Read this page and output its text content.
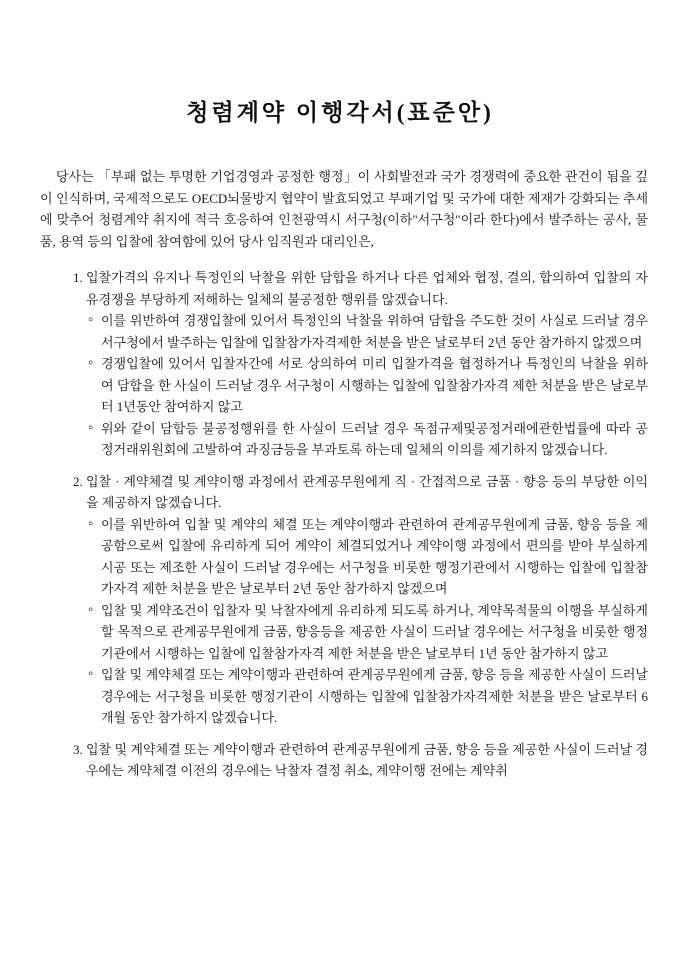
청렴계약 이행각서(표준안)

당사는 「부패 없는 투명한 기업경영과 공정한 행정」이 사회발전과 국가 경쟁력에 중요한 관건이 됨을 깊이 인식하며, 국제적으로도 OECD뇌물방지 협약이 발효되었고 부패기업 및 국가에 대한 제재가 강화되는 추세에 맞추어 청렴계약 취지에 적극 호응하여 인천광역시 서구청(이하"서구청"이라 한다)에서 발주하는 공사, 물품, 용역 등의 입찰에 참여함에 있어 당사 임직원과 대리인은,

1. 입찰가격의 유지나 특정인의 낙찰을 위한 담합을 하거나 다른 업체와 협정, 결의, 합의하여 입찰의 자유경쟁을 부당하게 저해하는 일체의 불공정한 행위를 않겠습니다.
◦ 이를 위반하여 경쟁입찰에 있어서 특정인의 낙찰을 위하여 담합을 주도한 것이 사실로 드러날 경우 서구청에서 발주하는 입찰에 입찰참가자격제한 처분을 받은 날로부터 2년 동안 참가하지 않겠으며
◦ 경쟁입찰에 있어서 입찰자간에 서로 상의하여 미리 입찰가격을 협정하거나 특정인의 낙찰을 위하여 담합을 한 사실이 드러날 경우 서구청이 시행하는 입찰에 입찰참가자격 제한 처분을 받은 날로부터 1년동안 참여하지 않고
◦ 위와 같이 담합등 불공정행위를 한 사실이 드러날 경우 독점규제및공정거래에관한법률에 따라 공정거래위원회에 고발하여 과징금등을 부과토록 하는데 일체의 이의를 제기하지 않겠습니다.
2. 입찰 · 계약체결 및 계약이행 과정에서 관계공무원에게 직 · 간접적으로 금품 · 향응 등의 부당한 이익을 제공하지 않겠습니다.
◦ 이를 위반하여 입찰 및 계약의 체결 또는 계약이행과 관련하여 관계공무원에게 금품, 향응 등을 제공함으로써 입찰에 유리하게 되어 계약이 체결되었거나 계약이행 과정에서 편의를 받아 부실하게 시공 또는 제조한 사실이 드러날 경우에는 서구청을 비롯한 행정기관에서 시행하는 입찰에 입찰참가자격 제한 처분을 받은 날로부터 2년 동안 참가하지 않겠으며
◦ 입찰 및 계약조건이 입찰자 및 낙찰자에게 유리하게 되도록 하거나, 계약목적물의 이행을 부실하게 할 목적으로 관계공무원에게 금품, 향응등을 제공한 사실이 드러날 경우에는 서구청을 비롯한 행정기관에서 시행하는 입찰에 입찰참가자격 제한 처분을 받은 날로부터 1년 동안 참가하지 않고
◦ 입찰 및 계약체결 또는 계약이행과 관련하여 관계공무원에게 금품, 향응 등을 제공한 사실이 드러날 경우에는 서구청을 비롯한 행정기관이 시행하는 입찰에 입찰참가자격제한 처분을 받은 날로부터 6개월 동안 참가하지 않겠습니다.
3. 입찰 및 계약체결 또는 계약이행과 관련하여 관계공무원에게 금품, 향응 등을 제공한 사실이 드러날 경우에는 계약체결 이전의 경우에는 낙찰자 결정 취소, 계약이행 전에는 계약취
